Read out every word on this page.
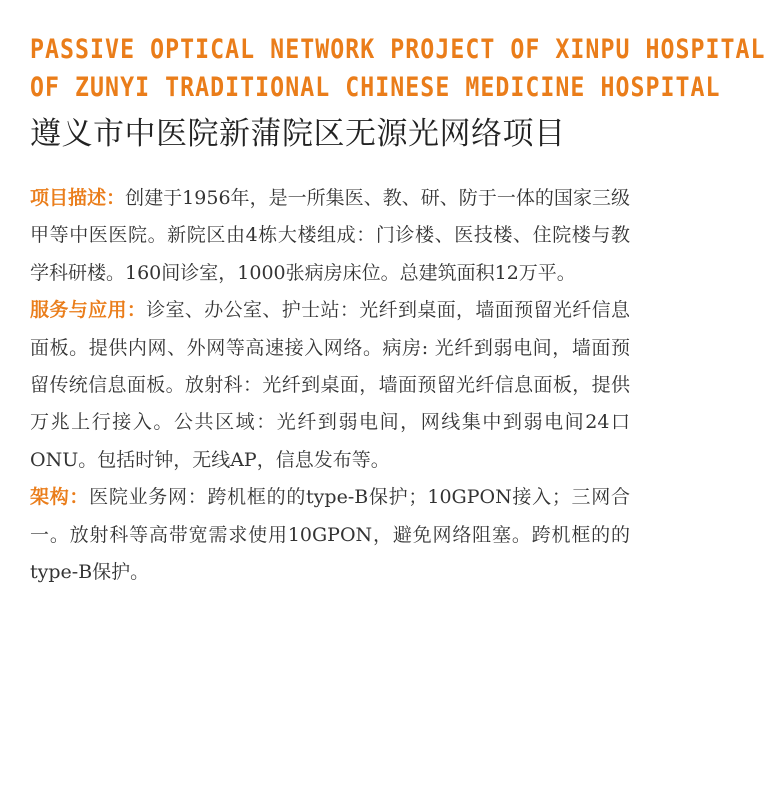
PASSIVE OPTICAL NETWORK PROJECT OF XINPU HOSPITAL
OF ZUNYI TRADITIONAL CHINESE MEDICINE HOSPITAL
遵义市中医院新蒲院区无源光网络项目

项目描述：创建于1956年，是一所集医、教、研、防于一体的国家三级甲等中医医院。新院区由4栋大楼组成：门诊楼、医技楼、住院楼与教学科研楼。160间诊室，1000张病房床位。总建筑面积12万平。

服务与应用：诊室、办公室、护士站：光纤到桌面，墙面预留光纤信息面板。提供内网、外网等高速接入网络。病房: 光纤到弱电间，墙面预留传统信息面板。放射科：光纤到桌面，墙面预留光纤信息面板，提供万兆上行接入。公共区域：光纤到弱电间，网线集中到弱电间24口ONU。包括时钟，无线AP，信息发布等。

架构：医院业务网：跨机框的的type-B保护；10GPON接入；三网合一。放射科等高带宽需求使用10GPON，避免网络阻塞。跨机框的的type-B保护。
